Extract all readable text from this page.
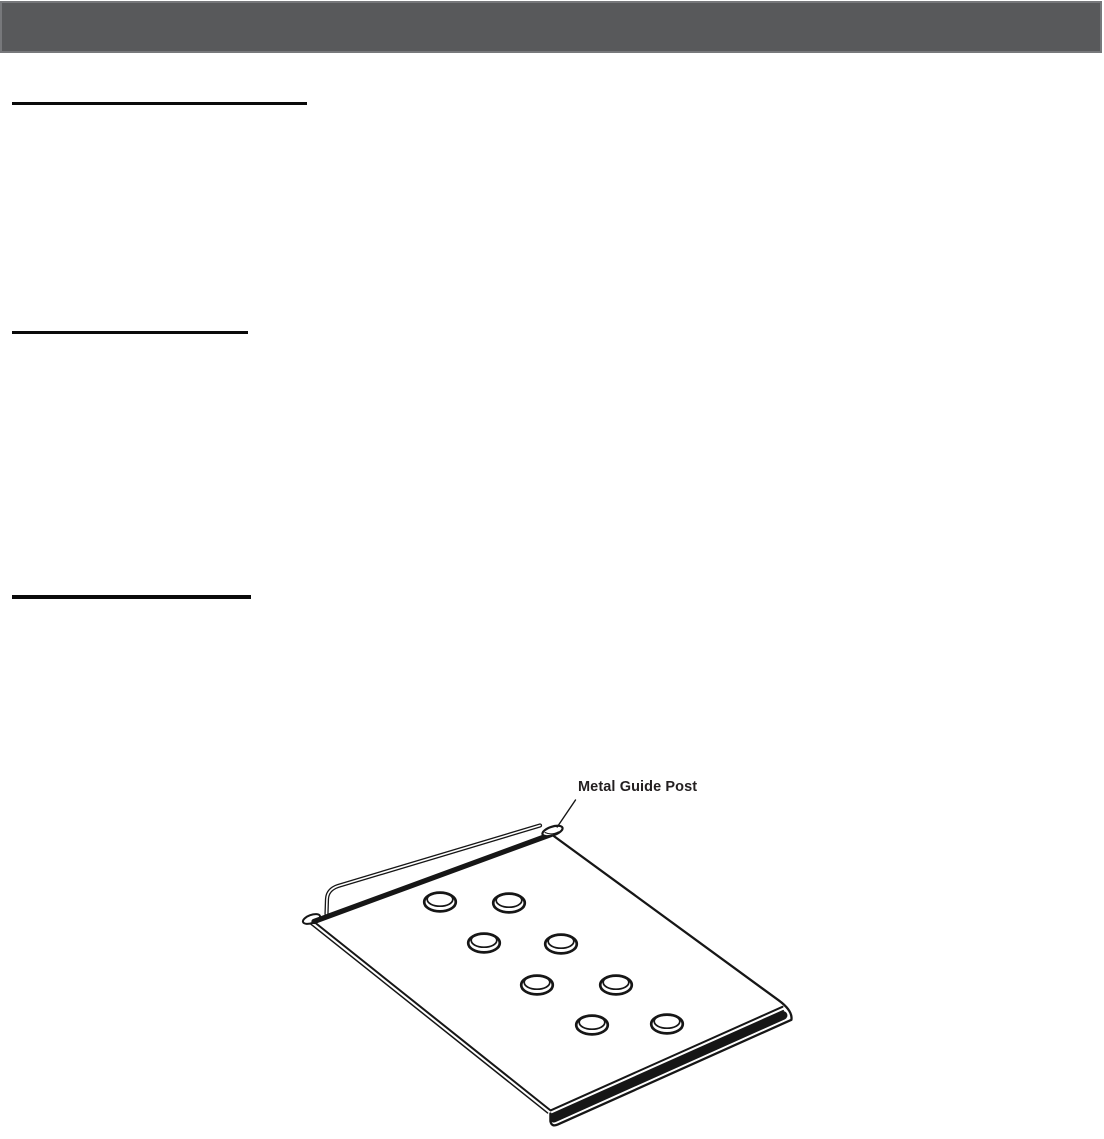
Metal Guide Post
